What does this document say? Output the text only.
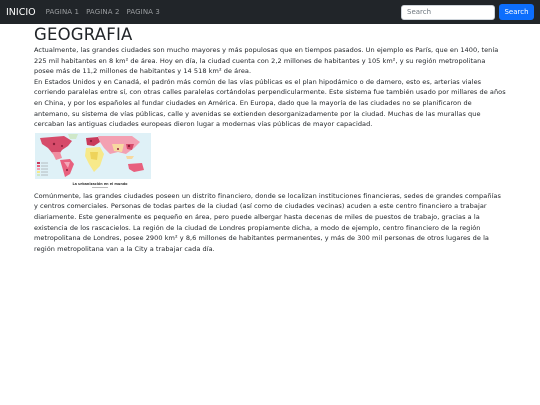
INICIO PAGINA 1 PAGINA 2 PAGINA 3
Search	Search
GEOGRAFIA

Actualmente, las grandes ciudades son mucho mayores y más populosas que en tiempos pasados. Un ejemplo es París, que en 1400, tenía 225 mil habitantes en 8 km² de área. Hoy en día, la ciudad cuenta con 2,2 millones de habitantes y 105 km², y su región metropolitana posee más de 11,2 millones de habitantes y 14 518 km² de área.

En Estados Unidos y en Canadá, el padrón más común de las vías públicas es el plan hipodámico o de damero, esto es, arterias viales corriendo paralelas entre sí, con otras calles paralelas cortándolas perpendicularmente. Este sistema fue también usado por millares de años en China, y por los españoles al fundar ciudades en América. En Europa, dado que la mayoría de las ciudades no se planificaron de antemano, su sistema de vías públicas, calle y avenidas se extienden desorganizadamente por la ciudad. Muchas de las murallas que cercaban las antiguas ciudades europeas dieron lugar a modernas vías públicas de mayor capacidad.

La urbanización en el mundo

Comúnmente, las grandes ciudades poseen un distrito financiero, donde se localizan instituciones financieras, sedes de grandes compañías y centros comerciales. Personas de todas partes de la ciudad (así como de ciudades vecinas) acuden a este centro financiero a trabajar diariamente. Este generalmente es pequeño en área, pero puede albergar hasta decenas de miles de puestos de trabajo, gracias a la existencia de los rascacielos. La región de la ciudad de Londres propiamente dicha, a modo de ejemplo, centro financiero de la región metropolitana de Londres, posee 2900 km² y 8,6 millones de habitantes permanentes, y más de 300 mil personas de otros lugares de la región metropolitana van a la City a trabajar cada día.
